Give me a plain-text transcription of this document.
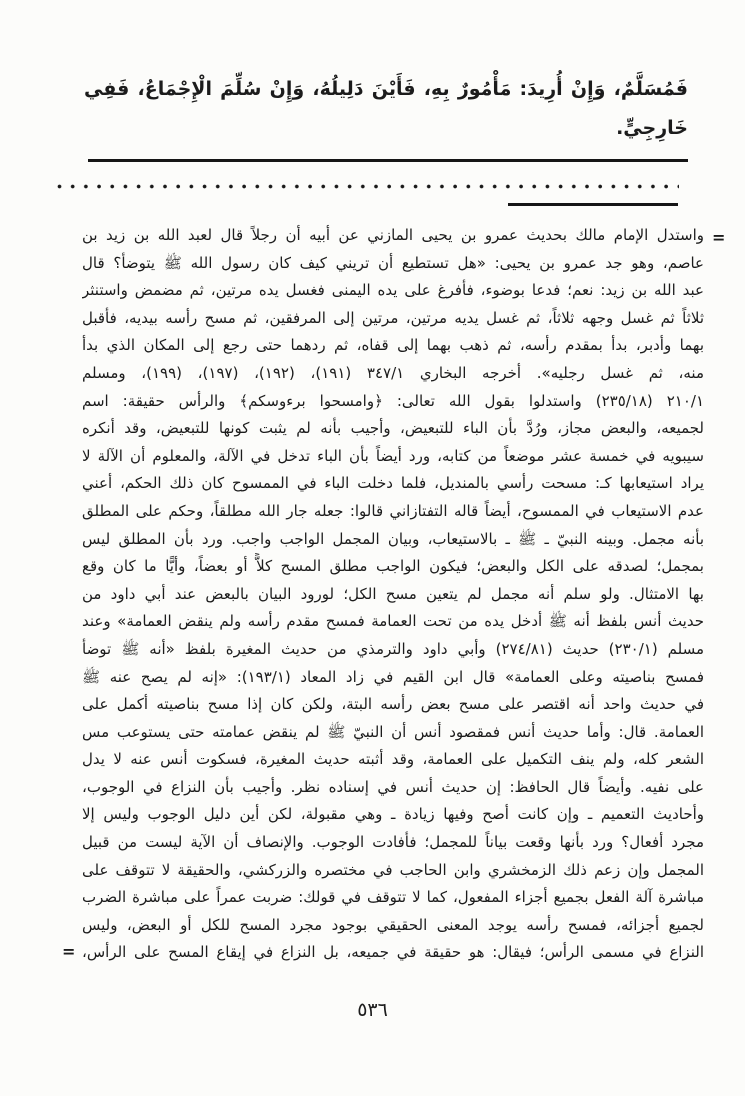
فَمُسَلَّمٌ، وَإِنْ أُرِيدَ: مَأْمُورٌ بِهِ، فَأَيْنَ دَلِيلُهُ، وَإِنْ سُلِّمَ الْإِجْمَاعُ، فَفِي
خَارِجِيٍّ.
=
واستدل الإمام مالك بحديث عمرو بن يحيى المازني عن أبيه أن رجلاً قال لعبد الله بن زيد بن
عاصم، وهو جد عمرو بن يحيى: «هل تستطيع أن تريني كيف كان رسول الله ﷺ يتوضأ؟ قال
عبد الله بن زيد: نعم؛ فدعا بوضوء، فأفرغ على يده اليمنى فغسل يده مرتين، ثم مضمض واستنثر
ثلاثاً ثم غسل وجهه ثلاثاً، ثم غسل يديه مرتين، مرتين إلى المرفقين، ثم مسح رأسه بيديه، فأقبل
بهما وأدبر، بدأ بمقدم رأسه، ثم ذهب بهما إلى قفاه، ثم ردهما حتى رجع إلى المكان الذي بدأ
منه، ثم غسل رجليه». أخرجه البخاري ٣٤٧/١ (١٩١)، (١٩٢)، (١٩٧)، (١٩٩)، ومسلم
٢١٠/١ (٢٣٥/١٨) واستدلوا بقول الله تعالى: ﴿وامسحوا برءوسكم﴾ والرأس حقيقة: اسم
لجميعه، والبعض مجاز، ورُدَّ بأن الباء للتبعيض، وأجيب بأنه لم يثبت كونها للتبعيض، وقد أنكره
سيبويه في خمسة عشر موضعاً من كتابه، ورد أيضاً بأن الباء تدخل في الآلة، والمعلوم أن الآلة لا
يراد استيعابها كـ: مسحت رأسي بالمنديل، فلما دخلت الباء في الممسوح كان ذلك الحكم، أعني
عدم الاستيعاب في الممسوح، أيضاً قاله التفتازاني قالوا: جعله جار الله مطلقاً، وحكم على المطلق
بأنه مجمل. وبينه النبيّ ـ ﷺ ـ بالاستيعاب، وبيان المجمل الواجب واجب. ورد بأن المطلق ليس
بمجمل؛ لصدقه على الكل والبعض؛ فيكون الواجب مطلق المسح كلاًّ أو بعضاً، وأيًّا ما كان وقع
بها الامتثال. ولو سلم أنه مجمل لم يتعين مسح الكل؛ لورود البيان بالبعض عند أبي داود من
حديث أنس بلفظ أنه ﷺ أدخل يده من تحت العمامة فمسح مقدم رأسه ولم ينقض العمامة» وعند
مسلم (٢٣٠/١) حديث (٢٧٤/٨١) وأبي داود والترمذي من حديث المغيرة بلفظ «أنه ﷺ توضأ
فمسح بناصيته وعلى العمامة» قال ابن القيم في زاد المعاد (١٩٣/١): «إنه لم يصح عنه ﷺ
في حديث واحد أنه اقتصر على مسح بعض رأسه البتة، ولكن كان إذا مسح بناصيته أكمل على
العمامة. قال: وأما حديث أنس فمقصود أنس أن النبيّ ﷺ لم ينقض عمامته حتى يستوعب مس
الشعر كله، ولم ينف التكميل على العمامة، وقد أثبته حديث المغيرة، فسكوت أنس عنه لا يدل
على نفيه. وأيضاً قال الحافظ: إن حديث أنس في إسناده نظر. وأجيب بأن النزاع في الوجوب،
وأحاديث التعميم ـ وإن كانت أصح وفيها زيادة ـ وهي مقبولة، لكن أين دليل الوجوب وليس إلا
مجرد أفعال؟ ورد بأنها وقعت بياناً للمجمل؛ فأفادت الوجوب. والإنصاف أن الآية ليست من قبيل
المجمل وإن زعم ذلك الزمخشري وابن الحاجب في مختصره والزركشي، والحقيقة لا تتوقف على
مباشرة آلة الفعل بجميع أجزاء المفعول، كما لا تتوقف في قولك: ضربت عمراً على مباشرة الضرب
لجميع أجزائه، فمسح رأسه يوجد المعنى الحقيقي بوجود مجرد المسح للكل أو البعض، وليس
النزاع في مسمى الرأس؛ فيقال: هو حقيقة في جميعه، بل النزاع في إيقاع المسح على الرأس،
=
٥٣٦
